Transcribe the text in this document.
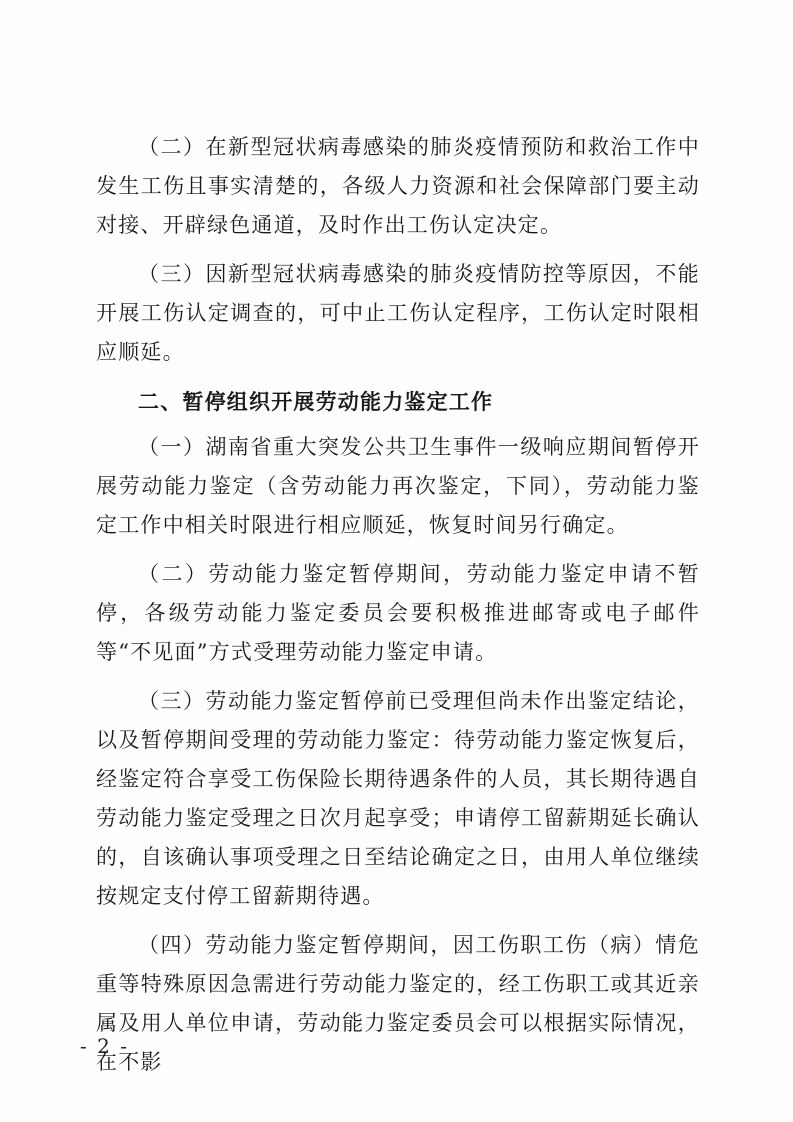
（二）在新型冠状病毒感染的肺炎疫情预防和救治工作中发生工伤且事实清楚的，各级人力资源和社会保障部门要主动对接、开辟绿色通道，及时作出工伤认定决定。

（三）因新型冠状病毒感染的肺炎疫情防控等原因，不能开展工伤认定调查的，可中止工伤认定程序，工伤认定时限相应顺延。

二、暂停组织开展劳动能力鉴定工作

（一）湖南省重大突发公共卫生事件一级响应期间暂停开展劳动能力鉴定（含劳动能力再次鉴定，下同），劳动能力鉴定工作中相关时限进行相应顺延，恢复时间另行确定。

（二）劳动能力鉴定暂停期间，劳动能力鉴定申请不暂停，各级劳动能力鉴定委员会要积极推进邮寄或电子邮件等“不见面”方式受理劳动能力鉴定申请。

（三）劳动能力鉴定暂停前已受理但尚未作出鉴定结论，以及暂停期间受理的劳动能力鉴定：待劳动能力鉴定恢复后，经鉴定符合享受工伤保险长期待遇条件的人员，其长期待遇自劳动能力鉴定受理之日次月起享受；申请停工留薪期延长确认的，自该确认事项受理之日至结论确定之日，由用人单位继续按规定支付停工留薪期待遇。

（四）劳动能力鉴定暂停期间，因工伤职工伤（病）情危重等特殊原因急需进行劳动能力鉴定的，经工伤职工或其近亲属及用人单位申请，劳动能力鉴定委员会可以根据实际情况，在不影

- 2 -
